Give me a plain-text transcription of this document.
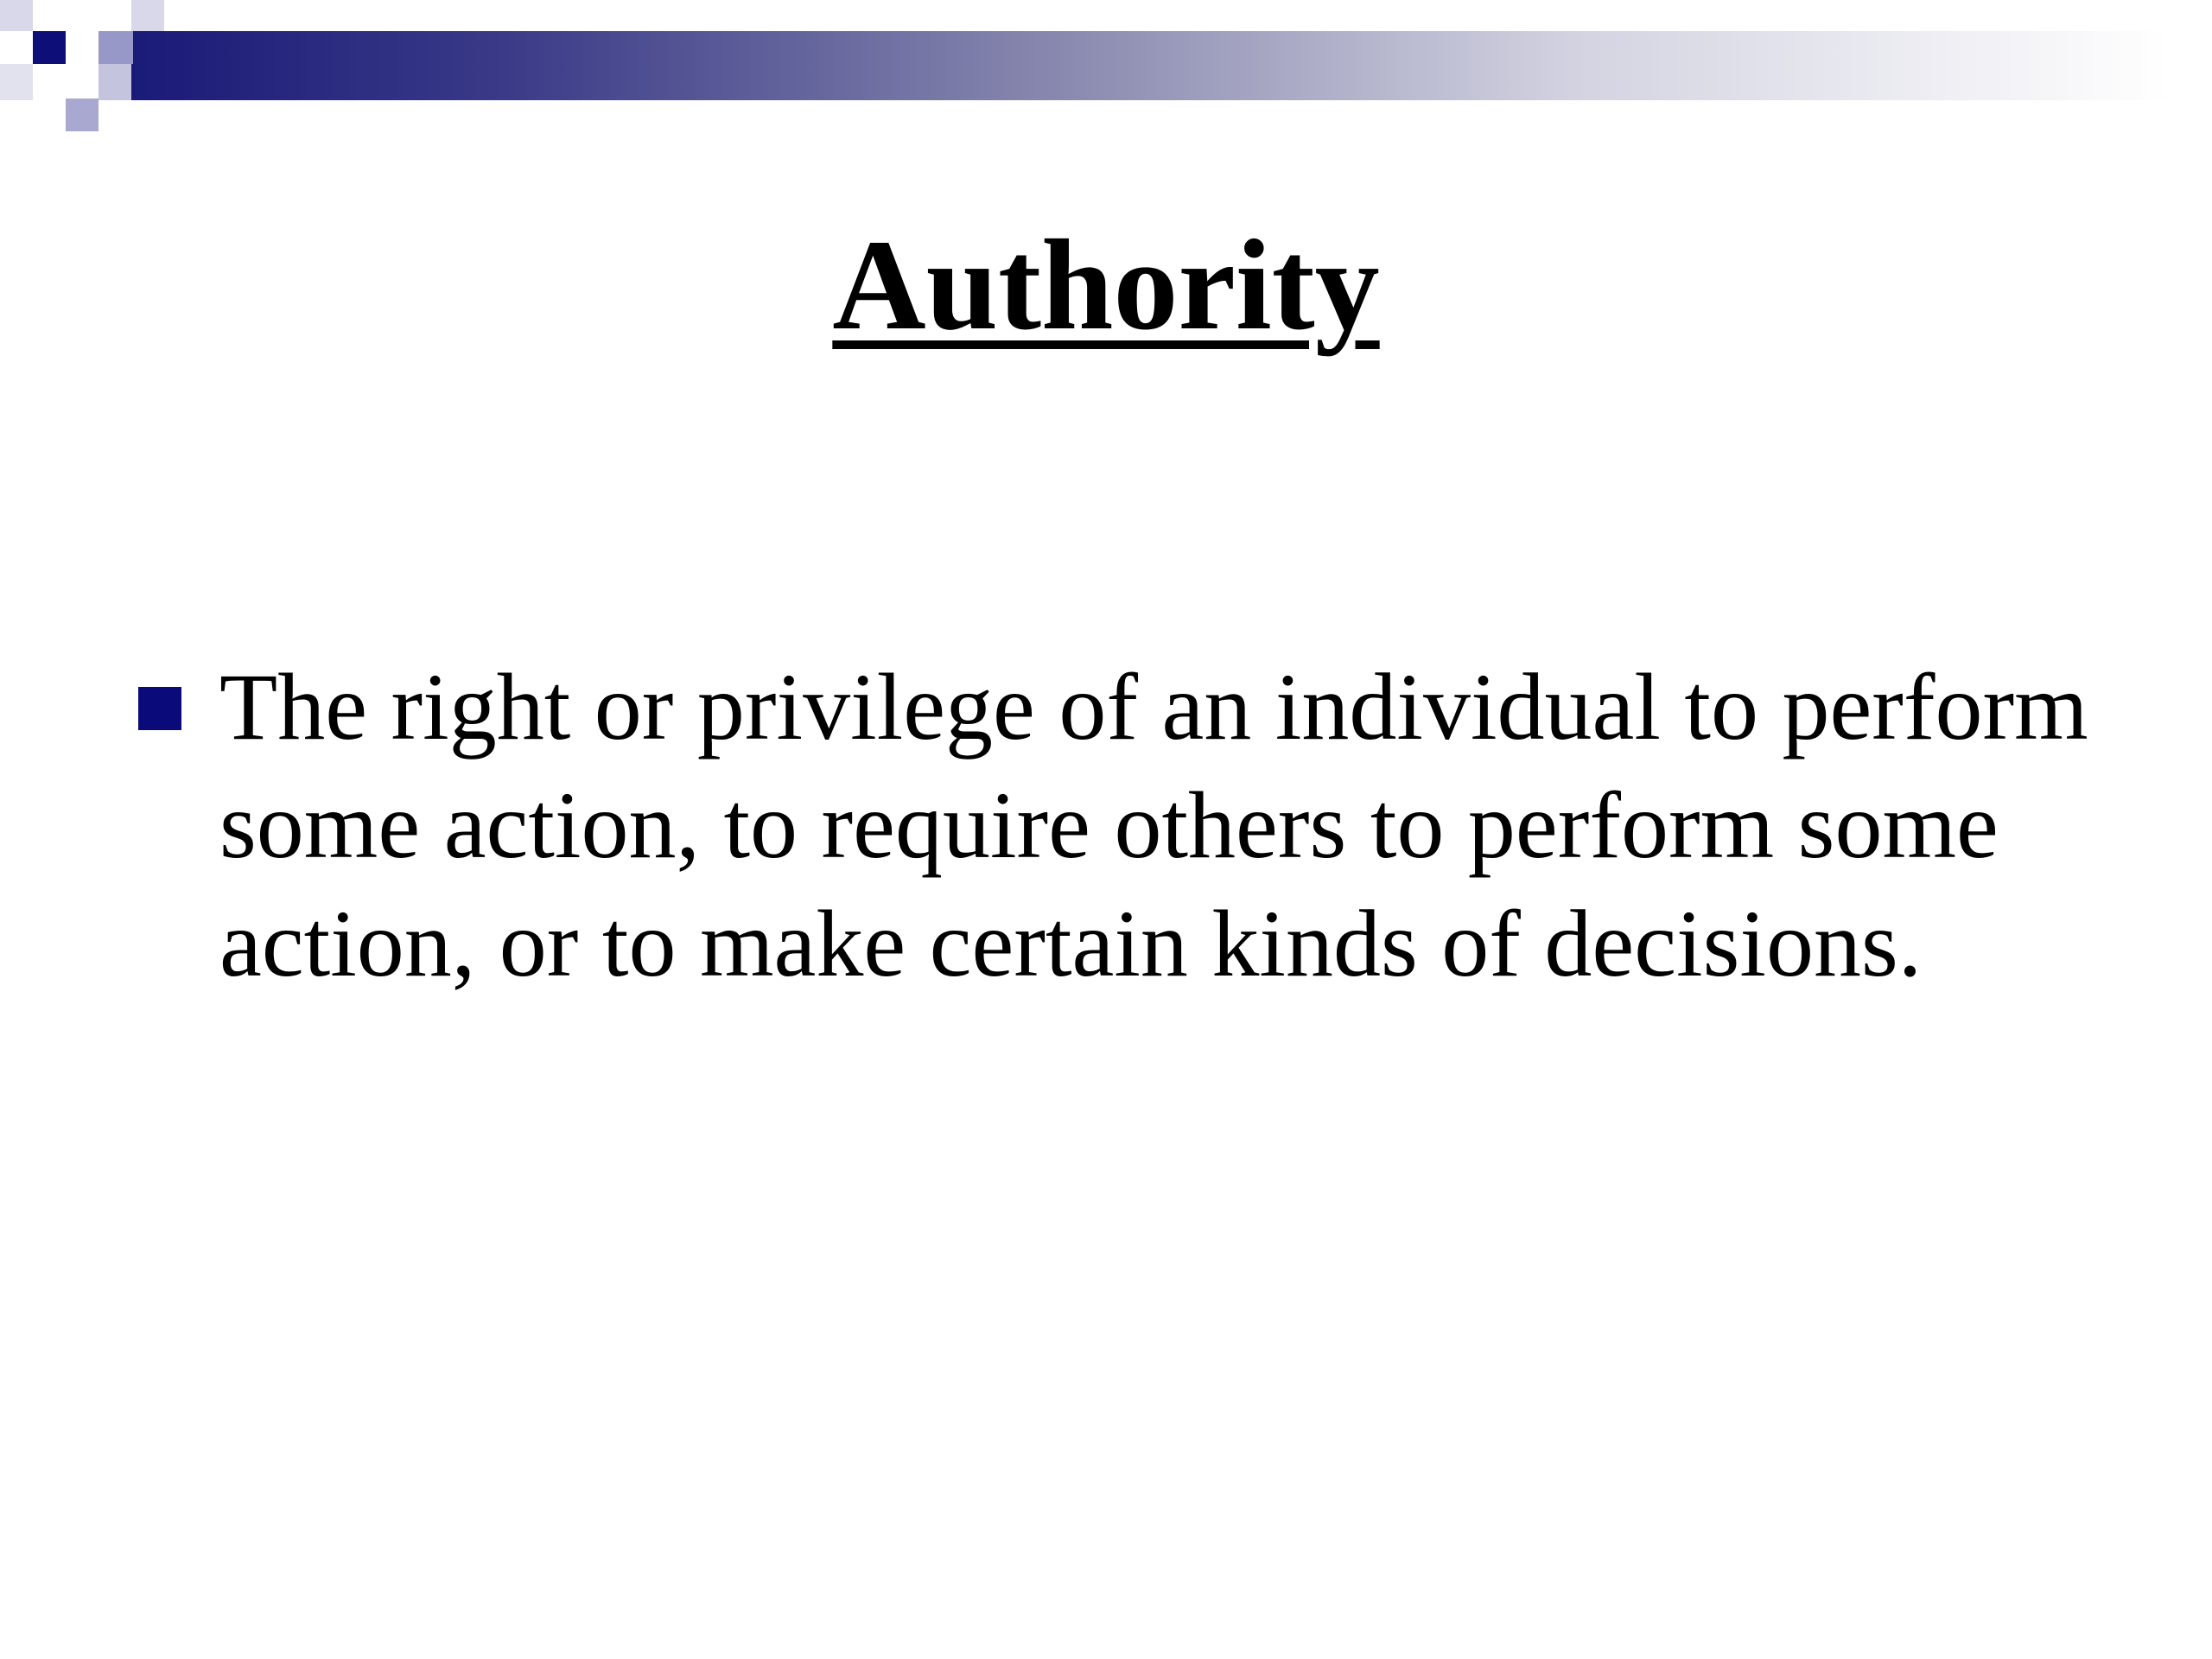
Authority
The right or privilege of an individual to perform some action, to require others to perform some action, or to make certain kinds of decisions.
